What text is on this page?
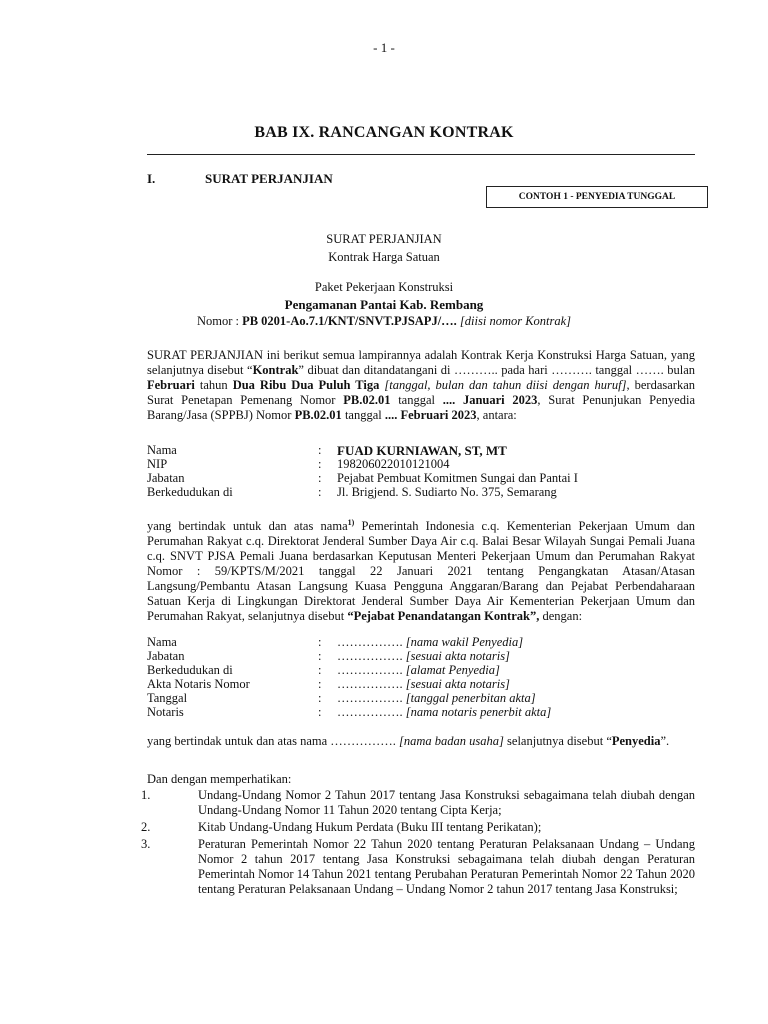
- 1 -
BAB IX. RANCANGAN KONTRAK
I.	SURAT PERJANJIAN
CONTOH 1 - PENYEDIA TUNGGAL
SURAT PERJANJIAN
Kontrak Harga Satuan
Paket Pekerjaan Konstruksi
Pengamanan Pantai Kab. Rembang
Nomor : PB 0201-Ao.7.1/KNT/SNVT.PJSAPJ/…. [diisi nomor Kontrak]
SURAT PERJANJIAN ini berikut semua lampirannya adalah Kontrak Kerja Konstruksi Harga Satuan, yang selanjutnya disebut “Kontrak” dibuat dan ditandatangani di ……….. pada hari ………. tanggal ……. bulan Februari tahun Dua Ribu Dua Puluh Tiga [tanggal, bulan dan tahun diisi dengan huruf], berdasarkan Surat Penetapan Pemenang Nomor PB.02.01 tanggal .... Januari 2023, Surat Penunjukan Penyedia Barang/Jasa (SPPBJ) Nomor PB.02.01 tanggal .... Februari 2023, antara:
Nama	: FUAD KURNIAWAN, ST, MT
NIP	: 198206022010121004
Jabatan	: Pejabat Pembuat Komitmen Sungai dan Pantai I
Berkedudukan di	: Jl. Brigjend. S. Sudiarto No. 375, Semarang
yang bertindak untuk dan atas nama$^{1)}$ Pemerintah Indonesia c.q. Kementerian Pekerjaan Umum dan Perumahan Rakyat c.q. Direktorat Jenderal Sumber Daya Air c.q. Balai Besar Wilayah Sungai Pemali Juana c.q. SNVT PJSA Pemali Juana berdasarkan Keputusan Menteri Pekerjaan Umum dan Perumahan Rakyat Nomor : 59/KPTS/M/2021 tanggal 22 Januari 2021 tentang Pengangkatan Atasan/Atasan Langsung/Pembantu Atasan Langsung Kuasa Pengguna Anggaran/Barang dan Pejabat Perbendaharaan Satuan Kerja di Lingkungan Direktorat Jenderal Sumber Daya Air Kementerian Pekerjaan Umum dan Perumahan Rakyat, selanjutnya disebut “Pejabat Penandatangan Kontrak”, dengan:
Nama	: ……………. [nama wakil Penyedia]
Jabatan	: ……………. [sesuai akta notaris]
Berkedudukan di	: ……………. [alamat Penyedia]
Akta Notaris Nomor	: ……………. [sesuai akta notaris]
Tanggal	: ……………. [tanggal penerbitan akta]
Notaris	: ……………. [nama notaris penerbit akta]
yang bertindak untuk dan atas nama ……………. [nama badan usaha] selanjutnya disebut “Penyedia”.
Dan dengan memperhatikan:
1.	Undang-Undang Nomor 2 Tahun 2017 tentang Jasa Konstruksi sebagaimana telah diubah dengan Undang-Undang Nomor 11 Tahun 2020 tentang Cipta Kerja;
2.	Kitab Undang-Undang Hukum Perdata (Buku III tentang Perikatan);
3.	Peraturan Pemerintah Nomor 22 Tahun 2020 tentang Peraturan Pelaksanaan Undang – Undang Nomor 2 tahun 2017 tentang Jasa Konstruksi sebagaimana telah diubah dengan Peraturan Pemerintah Nomor 14 Tahun 2021 tentang Perubahan Peraturan Pemerintah Nomor 22 Tahun 2020 tentang Peraturan Pelaksanaan Undang – Undang Nomor 2 tahun 2017 tentang Jasa Konstruksi;
